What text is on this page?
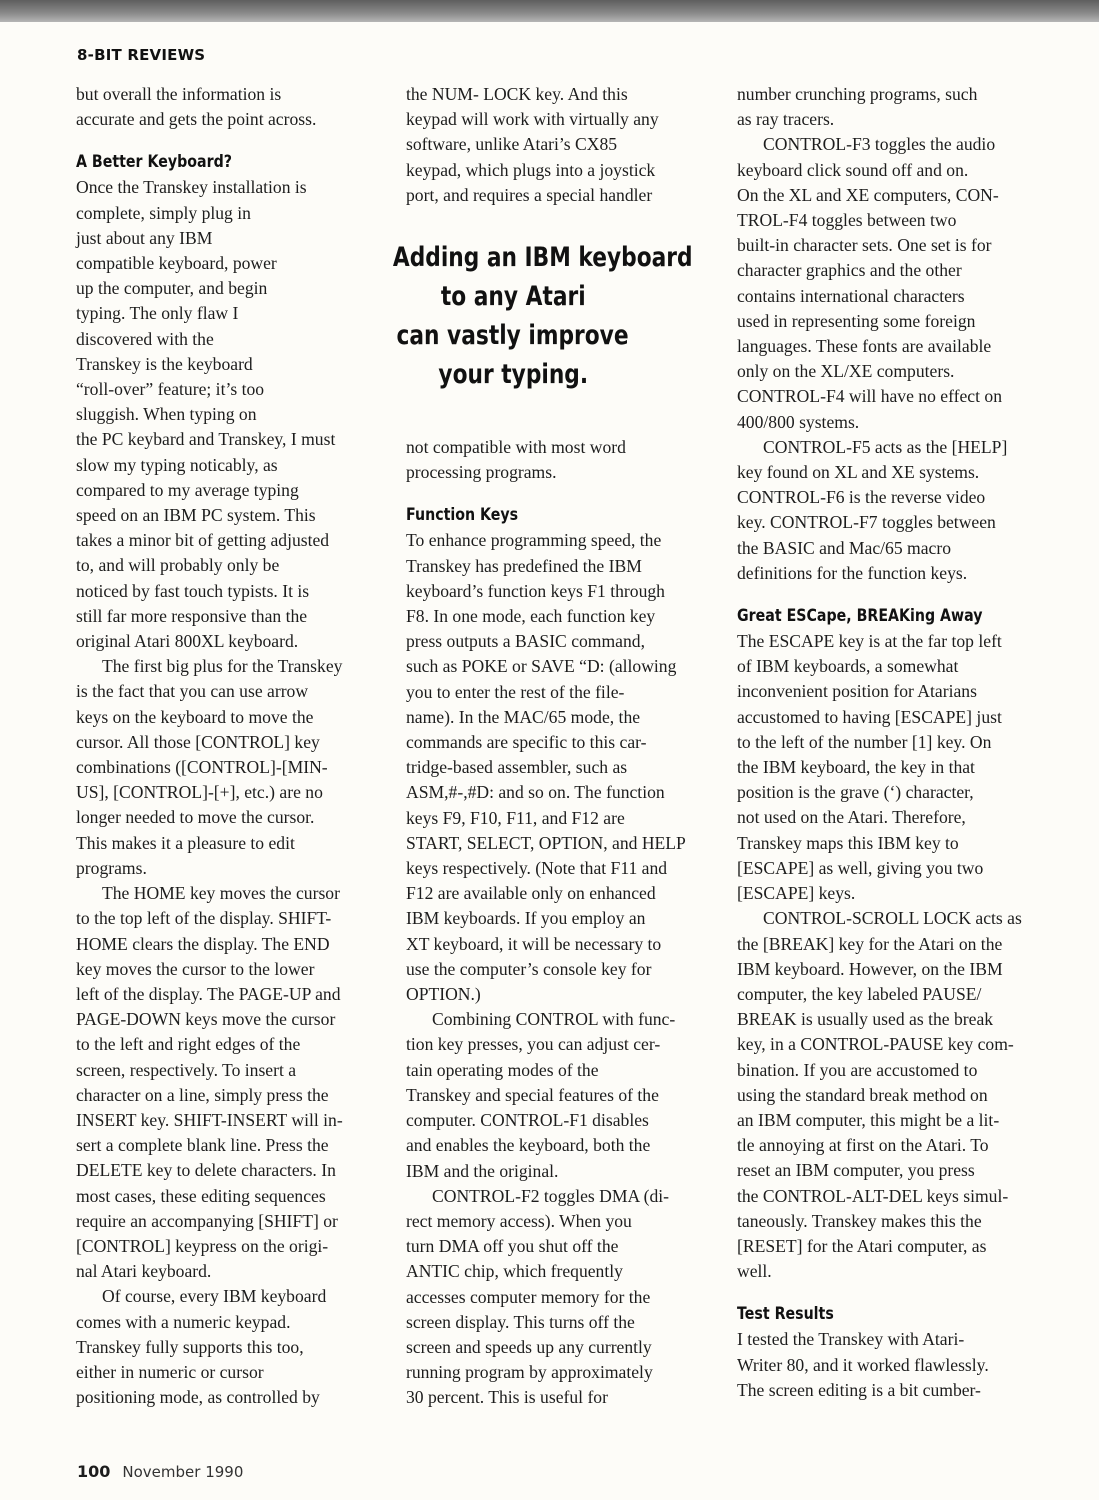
8-BIT REVIEWS

but overall the information is
accurate and gets the point across.

A Better Keyboard?

Once the Transkey installation is
complete, simply plug in
just about any IBM
compatible keyboard, power
up the computer, and begin
typing. The only flaw I
discovered with the
Transkey is the keyboard
“roll-over” feature; it’s too
sluggish. When typing on
the PC keybard and Transkey, I must
slow my typing noticably, as
compared to my average typing
speed on an IBM PC system. This
takes a minor bit of getting adjusted
to, and will probably only be
noticed by fast touch typists. It is
still far more responsive than the
original Atari 800XL keyboard.

The first big plus for the Transkey
is the fact that you can use arrow
keys on the keyboard to move the
cursor. All those [CONTROL] key
combinations ([CONTROL]-[MIN-
US], [CONTROL]-[+], etc.) are no
longer needed to move the cursor.
This makes it a pleasure to edit
programs.

The HOME key moves the cursor
to the top left of the display. SHIFT-
HOME clears the display. The END
key moves the cursor to the lower
left of the display. The PAGE-UP and
PAGE-DOWN keys move the cursor
to the left and right edges of the
screen, respectively. To insert a
character on a line, simply press the
INSERT key. SHIFT-INSERT will in-
sert a complete blank line. Press the
DELETE key to delete characters. In
most cases, these editing sequences
require an accompanying [SHIFT] or
[CONTROL] keypress on the origi-
nal Atari keyboard.

Of course, every IBM keyboard
comes with a numeric keypad.
Transkey fully supports this too,
either in numeric or cursor
positioning mode, as controlled by

the NUM- LOCK key. And this
keypad will work with virtually any
software, unlike Atari’s CX85
keypad, which plugs into a joystick
port, and requires a special handler

not compatible with most word
processing programs.

Function Keys

To enhance programming speed, the
Transkey has predefined the IBM
keyboard’s function keys F1 through
F8. In one mode, each function key
press outputs a BASIC command,
such as POKE or SAVE “D: (allowing
you to enter the rest of the file-
name). In the MAC/65 mode, the
commands are specific to this car-
tridge-based assembler, such as
ASM,#-,#D: and so on. The function
keys F9, F10, F11, and F12 are
START, SELECT, OPTION, and HELP
keys respectively. (Note that F11 and
F12 are available only on enhanced
IBM keyboards. If you employ an
XT keyboard, it will be necessary to
use the computer’s console key for
OPTION.)

Combining CONTROL with func-
tion key presses, you can adjust cer-
tain operating modes of the
Transkey and special features of the
computer. CONTROL-F1 disables
and enables the keyboard, both the
IBM and the original.

CONTROL-F2 toggles DMA (di-
rect memory access). When you
turn DMA off you shut off the
ANTIC chip, which frequently
accesses computer memory for the
screen display. This turns off the
screen and speeds up any currently
running program by approximately
30 percent. This is useful for

Adding an IBM keyboard
to any Atari
can vastly improve
your typing.

number crunching programs, such
as ray tracers.

CONTROL-F3 toggles the audio
keyboard click sound off and on.
On the XL and XE computers, CON-
TROL-F4 toggles between two
built-in character sets. One set is for
character graphics and the other
contains international characters
used in representing some foreign
languages. These fonts are available
only on the XL/XE computers.
CONTROL-F4 will have no effect on
400/800 systems.

CONTROL-F5 acts as the [HELP]
key found on XL and XE systems.
CONTROL-F6 is the reverse video
key. CONTROL-F7 toggles between
the BASIC and Mac/65 macro
definitions for the function keys.

Great ESCape, BREAKing Away

The ESCAPE key is at the far top left
of IBM keyboards, a somewhat
inconvenient position for Atarians
accustomed to having [ESCAPE] just
to the left of the number [1] key. On
the IBM keyboard, the key in that
position is the grave (‘) character,
not used on the Atari. Therefore,
Transkey maps this IBM key to
[ESCAPE] as well, giving you two
[ESCAPE] keys.

CONTROL-SCROLL LOCK acts as
the [BREAK] key for the Atari on the
IBM keyboard. However, on the IBM
computer, the key labeled PAUSE/
BREAK is usually used as the break
key, in a CONTROL-PAUSE key com-
bination. If you are accustomed to
using the standard break method on
an IBM computer, this might be a lit-
tle annoying at first on the Atari. To
reset an IBM computer, you press
the CONTROL-ALT-DEL keys simul-
taneously. Transkey makes this the
[RESET] for the Atari computer, as
well.

Test Results

I tested the Transkey with Atari-
Writer 80, and it worked flawlessly.
The screen editing is a bit cumber-

100 November 1990
